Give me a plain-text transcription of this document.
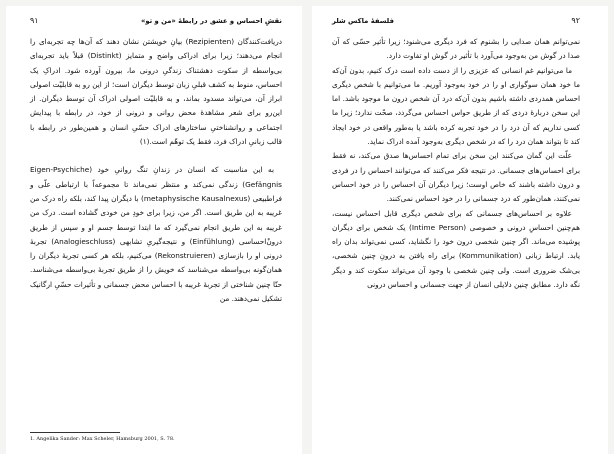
نقشِ احساس و عشق در رابطهٔ «من و تو»
۹۱

دریافت‌کنندگان (Rezipienten) بیانِ خویشتن نشان دهند که آن‌ها چه تجربه‌ای را انجام می‌دهند؛ زیرا برای ادراکی واضح و متمایز (Distinkt) قبلاً باید تجربه‌ای بی‌واسطه از سکوت دهشتناک زندگیِ درونی ما، بیرون آورده شود. ادراکِ یک احساس، منوط به کشف قبلیِ زبان توسط دیگران است؛ از این رو به قابلیّت اصولی ابراز آن، می‌تواند مسدود بماند، و به قابلیّت اصولی ادراک آن توسط دیگران. از این‌رو برای شعر مشاهدهٔ محض روانی و درونی از خود، در رابطه با پیدایش اجتماعی و روانشناختیِ ساختارهای ادراک حسّیِ انسان و همین‌طور در رابطه با قالب زبانیِ ادراک فرد، فقط یک توهّم است.(۱)

به این مناسبت که انسان در زندانِ تنگ روانیِ خود (Eigen-Psychiche Gefängnis) زندگی نمی‌کند و منتظر نمی‌ماند تا مجموعه‌اً با ارتباطی علّی و فراطبیعی (metaphysische Kausalnexus) با دیگران پیدا کند، بلکه راه درک من غریبه به این طریق است. اگر من، زیرا برای خودِ من خودی گشاده است. درک من غریبه به این طریق انجام نمی‌گیرد که ما ابتدا توسط جسم او و سپس از طریق درونْ‌احساسی (Einfühlung) و نتیجه‌گیریِ تشابهی (Analogieschluss) تجربهٔ درونی او را بازسازی (Rekonstruieren) می‌کنیم، بلکه هر کسی تجربهٔ دیگران را همان‌گونه بی‌واسطه می‌شناسد که خویش را از طریق تجربهٔ بی‌واسطه می‌شناسد. حتّا چنین شناختی از تجربهٔ غریبه با احساس محض جسمانی و تأثیرات حسّیِ ارگانیک تشکیل نمی‌دهند. من

1. Angelika Sander: Max Scheler, Hamsburg 2001, S. 78.
۹۲
فلسفهٔ ماکس شلر

نمی‌توانم همان صدایی را بشنوم که فرد دیگری می‌شنود؛ زیرا تأثیر حسّی که آن صدا در گوش من به‌وجود می‌آورد با تأثیر در گوش او تفاوت دارد.

ما می‌توانیم غم انسانی که عزیزی را از دست داده است درک کنیم، بدون آن‌که ما خود همان سوگواری او را در خود به‌وجود آوریم. ما می‌توانیم با شخص دیگری احساس همدردی داشته باشیم بدون آن‌که درد آن شخص درون ما موجود باشد. اما این سخن دربارهٔ دردی که از طریق حواس احساس می‌گردد، صحّت ندارد؛ زیرا ما کسی نداریم که آن درد را در خود تجربه کرده باشد یا به‌طور واقعی در خود ایجاد کند تا بتواند همان درد را که در شخص دیگری به‌وجود آمده ادراک نماید.

علّت این گمان می‌کنند این سخن برای تمام احساس‌ها صدق می‌کند، نه فقط برای احساس‌های جسمانی. در نتیجه فکر می‌کنند که می‌توانند احساس را در فردی و درون داشته باشند که خاص اوست؛ زیرا دیگران آن احساس را در خود احساس نمی‌کنند، همان‌طور که درد جسمانی را در خود احساس نمی‌کنند.

علاوه بر احساس‌های جسمانی که برای شخص دیگری قابل احساس نیست، هم‌چنین احساسِ درونی و خصوصی (Intime Person) یک شخص برای دیگران پوشیده می‌ماند. اگر چنین شخصی درون خود را نگشاید، کسی نمی‌تواند بدان راه یابد. ارتباط زبانی (Kommunikation) برای راه یافتن به درونِ چنین شخصی، بی‌شک ضروری است. ولی چنین شخصی با وجود آن می‌تواند سکوت کند و دیگر نگه دارد. مطابق چنین دلایلی انسان از جهت جسمانی و احساس درونی
